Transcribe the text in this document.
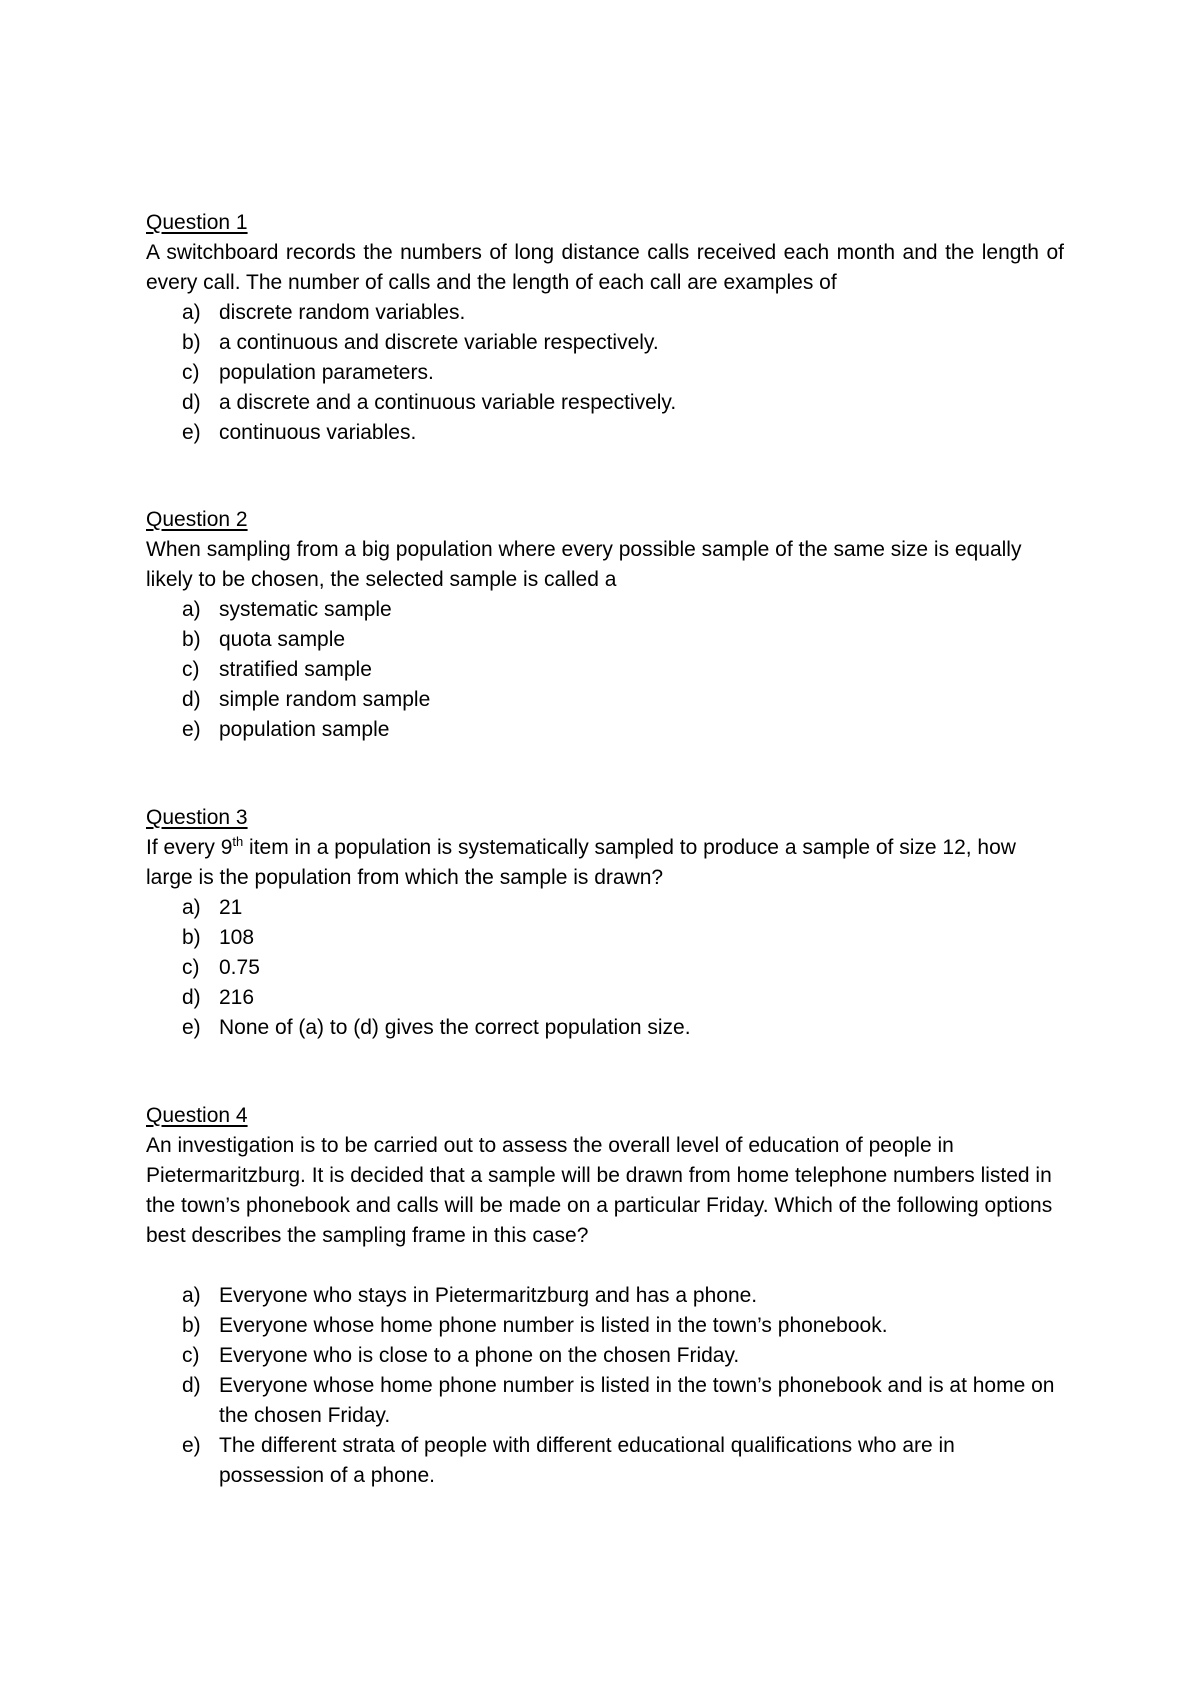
Question 1

A switchboard records the numbers of long distance calls received each month and the length of every call. The number of calls and the length of each call are examples of

a) discrete random variables.
b) a continuous and discrete variable respectively.
c) population parameters.
d) a discrete and a continuous variable respectively.
e) continuous variables.
Question 2

When sampling from a big population where every possible sample of the same size is equally likely to be chosen, the selected sample is called a

a) systematic sample
b) quota sample
c) stratified sample
d) simple random sample
e) population sample
Question 3

If every 9th item in a population is systematically sampled to produce a sample of size 12, how large is the population from which the sample is drawn?

a) 21
b) 108
c) 0.75
d) 216
e) None of (a) to (d) gives the correct population size.
Question 4

An investigation is to be carried out to assess the overall level of education of people in Pietermaritzburg. It is decided that a sample will be drawn from home telephone numbers listed in the town’s phonebook and calls will be made on a particular Friday. Which of the following options best describes the sampling frame in this case?

a) Everyone who stays in Pietermaritzburg and has a phone.
b) Everyone whose home phone number is listed in the town’s phonebook.
c) Everyone who is close to a phone on the chosen Friday.
d) Everyone whose home phone number is listed in the town’s phonebook and is at home on the chosen Friday.
e) The different strata of people with different educational qualifications who are in possession of a phone.
